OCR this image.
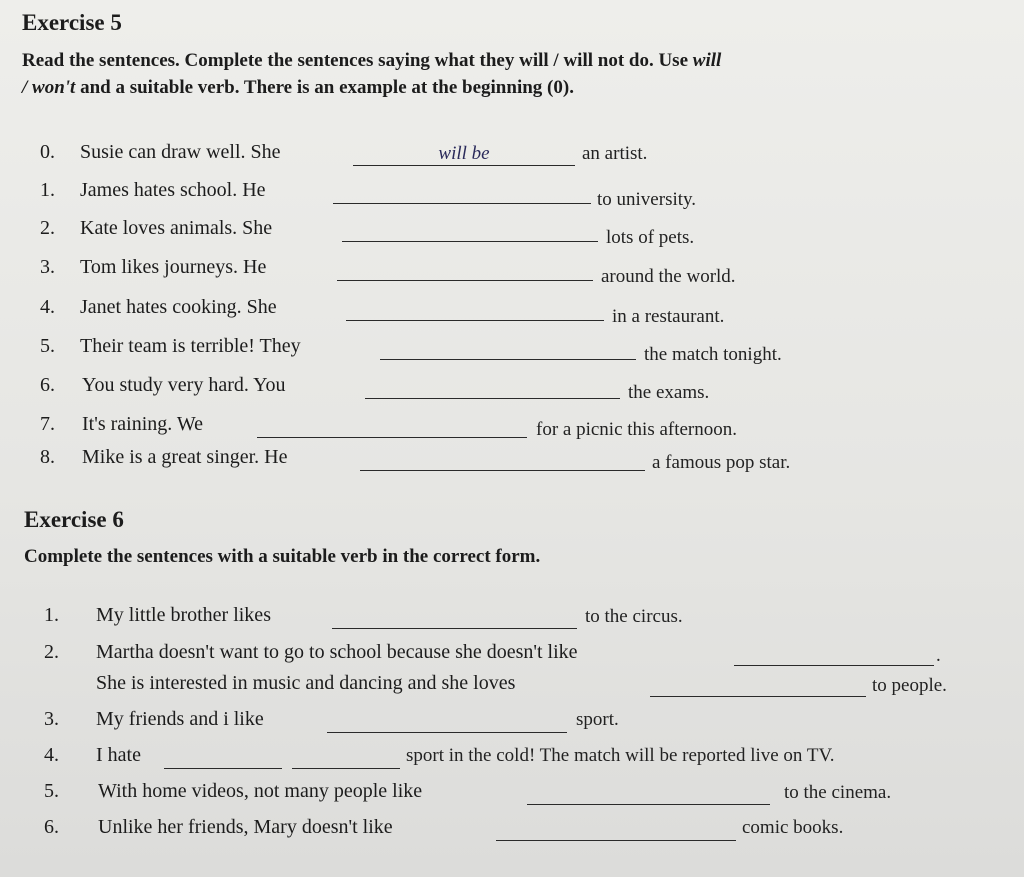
Exercise 5
Read the sentences. Complete the sentences saying what they will / will not do. Use will
/ won't and a suitable verb. There is an example at the beginning (0).
0.	Susie can draw well. She	will be	an artist.
1.	James hates school. He	to university.
2.	Kate loves animals. She	lots of pets.
3.	Tom likes journeys. He	around the world.
4.	Janet hates cooking. She	in a restaurant.
5.	Their team is terrible! They	the match tonight.
6.	You study very hard. You	the exams.
7.	It's raining. We	for a picnic this afternoon.
8.	Mike is a great singer. He	a famous pop star.
Exercise 6
Complete the sentences with a suitable verb in the correct form.
1.	My little brother likes	to the circus.
2.	Martha doesn't want to go to school because she doesn't like	.
She is interested in music and dancing and she loves	to people.
3.	My friends and i like	sport.
4.	I hate	sport in the cold! The match will be reported live on TV.
5.	With home videos, not many people like	to the cinema.
6.	Unlike her friends, Mary doesn't like	comic books.
